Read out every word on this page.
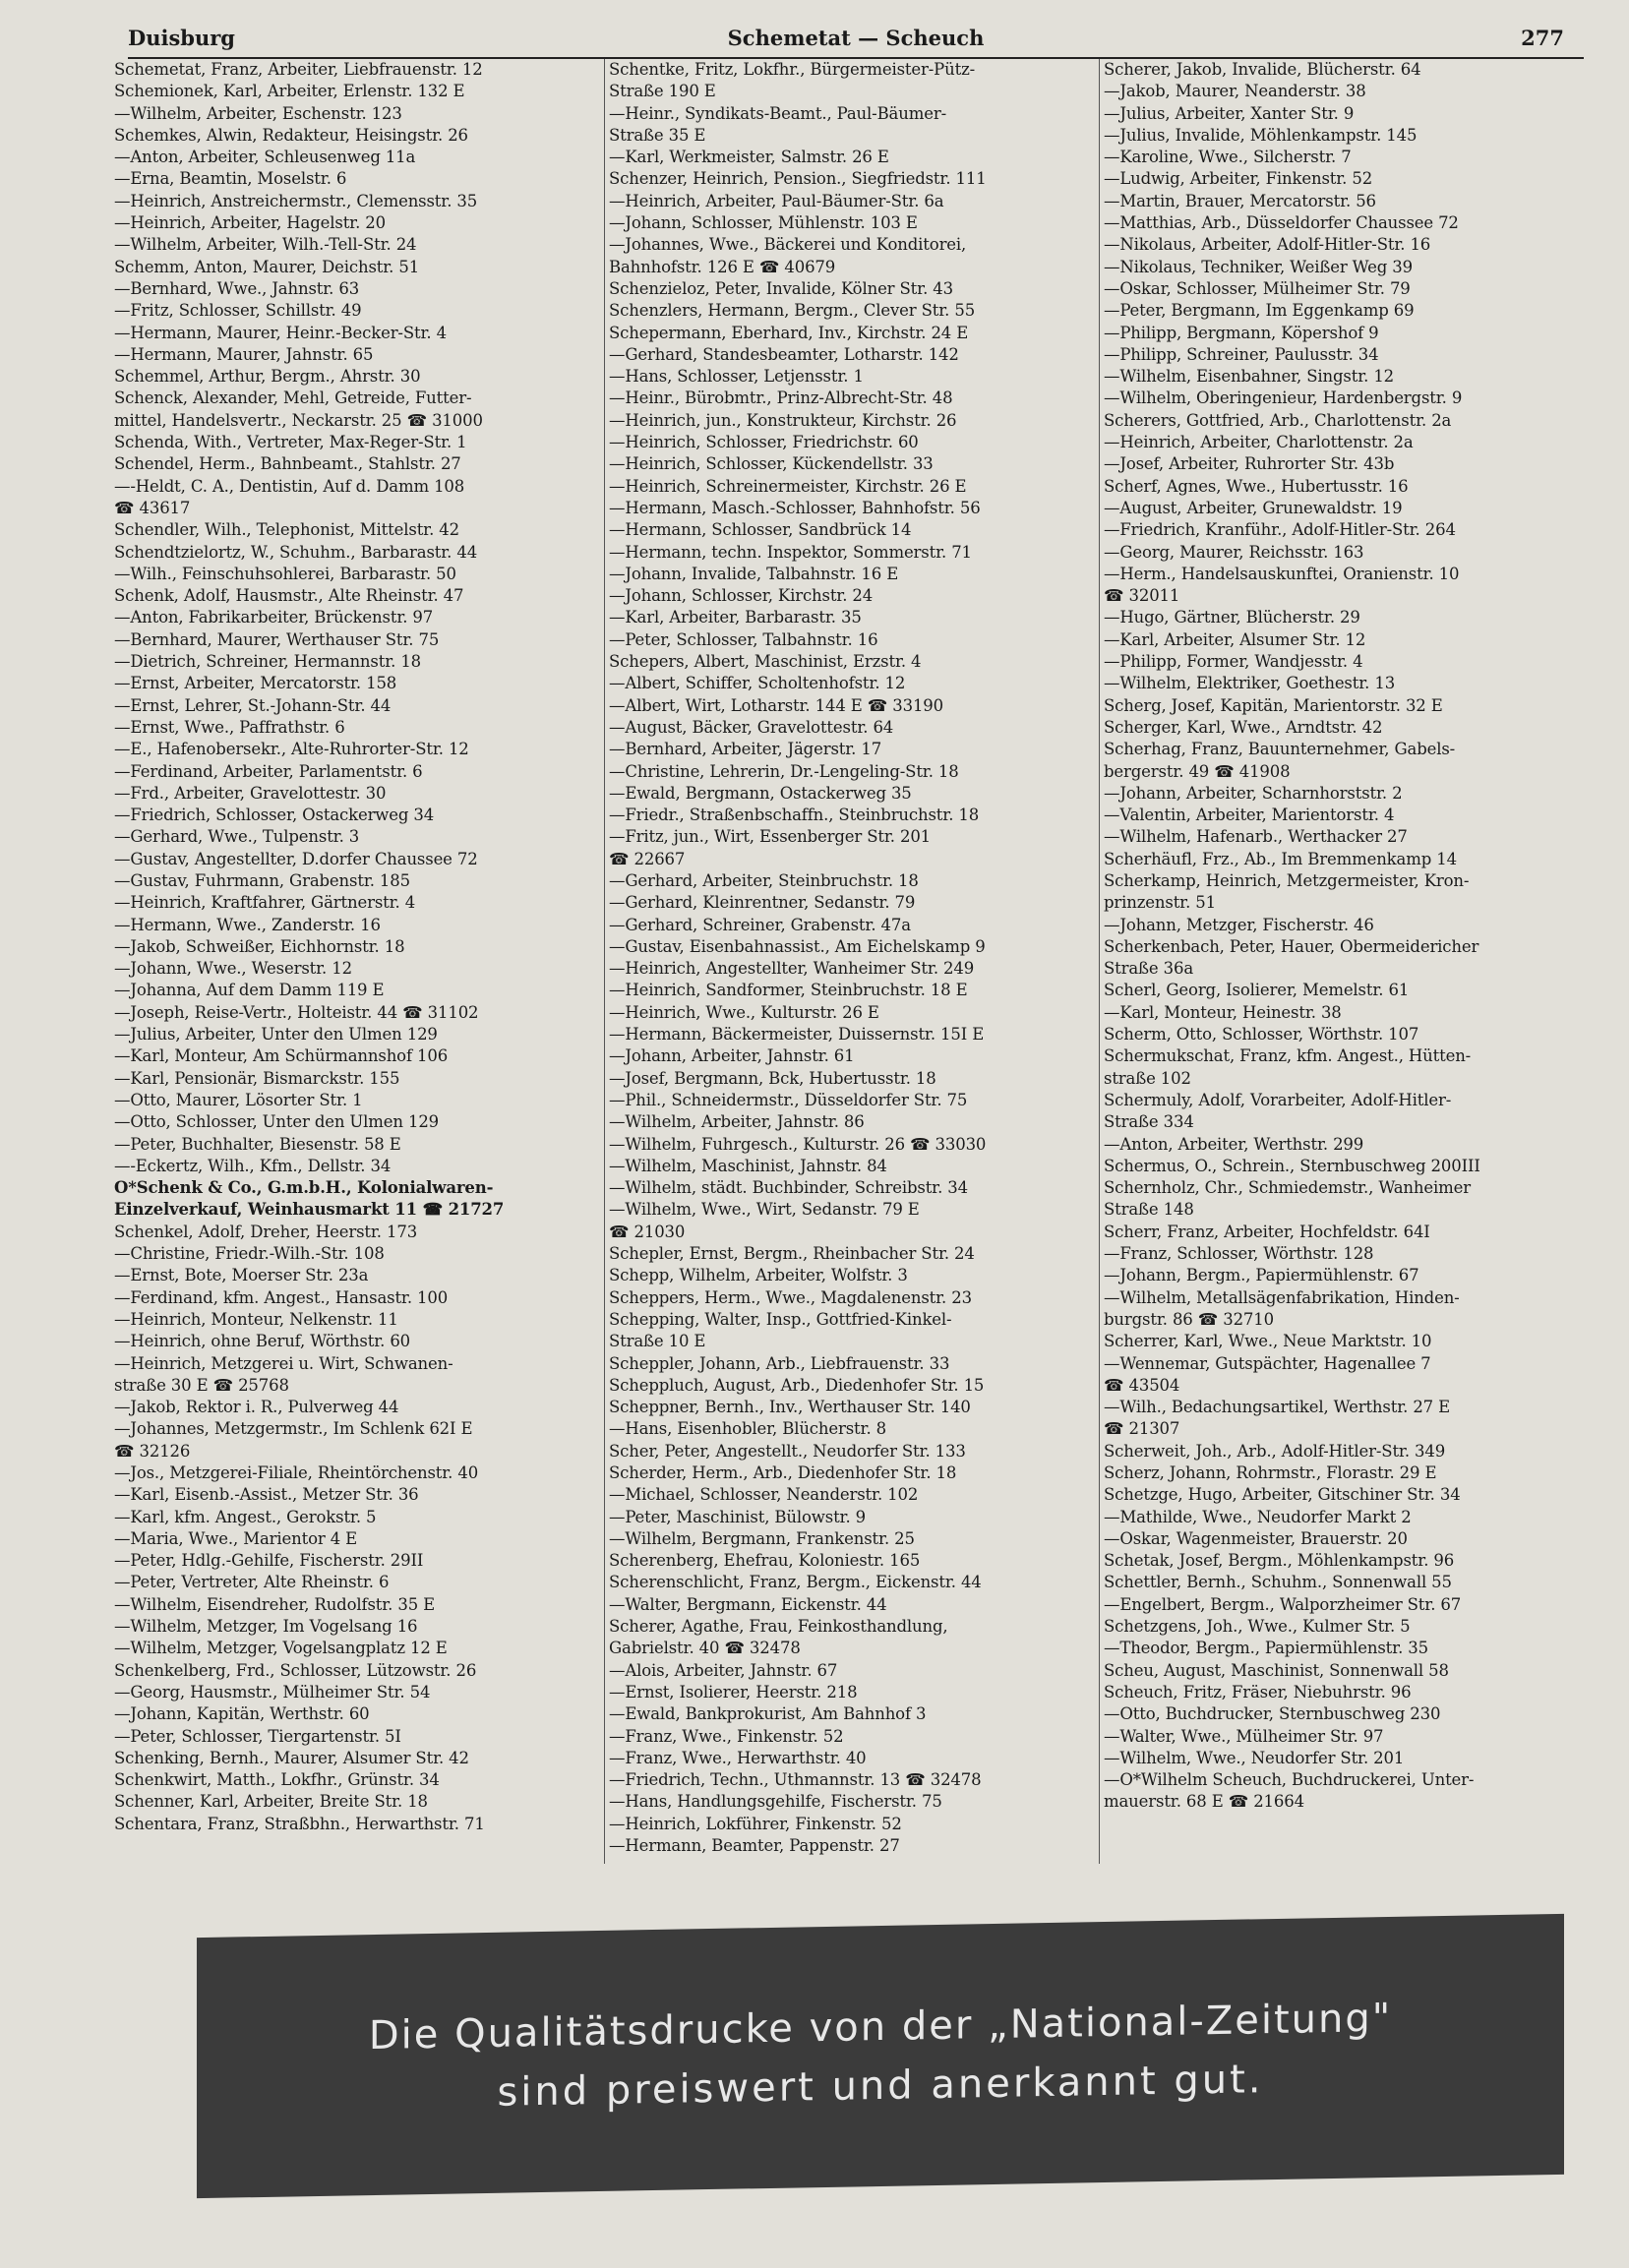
Duisburg	Schemetat — Scheuch	277
Schemetat, Franz, Arbeiter, Liebfrauenstr. 12
Schemionek, Karl, Arbeiter, Erlenstr. 132 E
—Wilhelm, Arbeiter, Eschenstr. 123
Schemkes, Alwin, Redakteur, Heisingstr. 26
—Anton, Arbeiter, Schleusenweg 11a
—Erna, Beamtin, Moselstr. 6
—Heinrich, Anstreichermstr., Clemensstr. 35
—Heinrich, Arbeiter, Hagelstr. 20
—Wilhelm, Arbeiter, Wilh.-Tell-Str. 24
Schemm, Anton, Maurer, Deichstr. 51
—Bernhard, Wwe., Jahnstr. 63
—Fritz, Schlosser, Schillstr. 49
—Hermann, Maurer, Heinr.-Becker-Str. 4
—Hermann, Maurer, Jahnstr. 65
Schemmel, Arthur, Bergm., Ahrstr. 30
Schenck, Alexander, Mehl, Getreide, Futter-
mittel, Handelsvertr., Neckarstr. 25 ☎ 31000
Schenda, With., Vertreter, Max-Reger-Str. 1
Schendel, Herm., Bahnbeamt., Stahlstr. 27
—-Heldt, C. A., Dentistin, Auf d. Damm 108
☎ 43617
Schendler, Wilh., Telephonist, Mittelstr. 42
Schendtzielortz, W., Schuhm., Barbarastr. 44
—Wilh., Feinschuhsohlerei, Barbarastr. 50
Schenk, Adolf, Hausmstr., Alte Rheinstr. 47
—Anton, Fabrikarbeiter, Brückenstr. 97
—Bernhard, Maurer, Werthauser Str. 75
—Dietrich, Schreiner, Hermannstr. 18
—Ernst, Arbeiter, Mercatorstr. 158
—Ernst, Lehrer, St.-Johann-Str. 44
—Ernst, Wwe., Paffrathstr. 6
—E., Hafenobersekr., Alte-Ruhrorter-Str. 12
—Ferdinand, Arbeiter, Parlamentstr. 6
—Frd., Arbeiter, Gravelottestr. 30
—Friedrich, Schlosser, Ostackerweg 34
—Gerhard, Wwe., Tulpenstr. 3
—Gustav, Angestellter, D.dorfer Chaussee 72
—Gustav, Fuhrmann, Grabenstr. 185
—Heinrich, Kraftfahrer, Gärtnerstr. 4
—Hermann, Wwe., Zanderstr. 16
—Jakob, Schweißer, Eichhornstr. 18
—Johann, Wwe., Weserstr. 12
—Johanna, Auf dem Damm 119 E
—Joseph, Reise-Vertr., Holteistr. 44 ☎ 31102
—Julius, Arbeiter, Unter den Ulmen 129
—Karl, Monteur, Am Schürmannshof 106
—Karl, Pensionär, Bismarckstr. 155
—Otto, Maurer, Lösorter Str. 1
—Otto, Schlosser, Unter den Ulmen 129
—Peter, Buchhalter, Biesenstr. 58 E
—-Eckertz, Wilh., Kfm., Dellstr. 34
O*Schenk & Co., G.m.b.H., Kolonialwaren-
Einzelverkauf, Weinhausmarkt 11 ☎ 21727
Schenkel, Adolf, Dreher, Heerstr. 173
—Christine, Friedr.-Wilh.-Str. 108
—Ernst, Bote, Moerser Str. 23a
—Ferdinand, kfm. Angest., Hansastr. 100
—Heinrich, Monteur, Nelkenstr. 11
—Heinrich, ohne Beruf, Wörthstr. 60
—Heinrich, Metzgerei u. Wirt, Schwanen-
straße 30 E ☎ 25768
—Jakob, Rektor i. R., Pulverweg 44
—Johannes, Metzgermstr., Im Schlenk 62I E
☎ 32126
—Jos., Metzgerei-Filiale, Rheintörchenstr. 40
—Karl, Eisenb.-Assist., Metzer Str. 36
—Karl, kfm. Angest., Gerokstr. 5
—Maria, Wwe., Marientor 4 E
—Peter, Hdlg.-Gehilfe, Fischerstr. 29II
—Peter, Vertreter, Alte Rheinstr. 6
—Wilhelm, Eisendreher, Rudolfstr. 35 E
—Wilhelm, Metzger, Im Vogelsang 16
—Wilhelm, Metzger, Vogelsangplatz 12 E
Schenkelberg, Frd., Schlosser, Lützowstr. 26
—Georg, Hausmstr., Mülheimer Str. 54
—Johann, Kapitän, Werthstr. 60
—Peter, Schlosser, Tiergartenstr. 5I
Schenking, Bernh., Maurer, Alsumer Str. 42
Schenkwirt, Matth., Lokfhr., Grünstr. 34
Schenner, Karl, Arbeiter, Breite Str. 18
Schentara, Franz, Straßbhn., Herwarthstr. 71
Schentke, Fritz, Lokfhr., Bürgermeister-Pütz-
Straße 190 E
—Heinr., Syndikats-Beamt., Paul-Bäumer-
Straße 35 E
—Karl, Werkmeister, Salmstr. 26 E
Schenzer, Heinrich, Pension., Siegfriedstr. 111
—Heinrich, Arbeiter, Paul-Bäumer-Str. 6a
—Johann, Schlosser, Mühlenstr. 103 E
—Johannes, Wwe., Bäckerei und Konditorei,
Bahnhofstr. 126 E ☎ 40679
Schenzieloz, Peter, Invalide, Kölner Str. 43
Schenzlers, Hermann, Bergm., Clever Str. 55
Schepermann, Eberhard, Inv., Kirchstr. 24 E
—Gerhard, Standesbeamter, Lotharstr. 142
—Hans, Schlosser, Letjensstr. 1
—Heinr., Bürobmtr., Prinz-Albrecht-Str. 48
—Heinrich, jun., Konstrukteur, Kirchstr. 26
—Heinrich, Schlosser, Friedrichstr. 60
—Heinrich, Schlosser, Kückendellstr. 33
—Heinrich, Schreinermeister, Kirchstr. 26 E
—Hermann, Masch.-Schlosser, Bahnhofstr. 56
—Hermann, Schlosser, Sandbrück 14
—Hermann, techn. Inspektor, Sommerstr. 71
—Johann, Invalide, Talbahnstr. 16 E
—Johann, Schlosser, Kirchstr. 24
—Karl, Arbeiter, Barbarastr. 35
—Peter, Schlosser, Talbahnstr. 16
Schepers, Albert, Maschinist, Erzstr. 4
—Albert, Schiffer, Scholtenhofstr. 12
—Albert, Wirt, Lotharstr. 144 E ☎ 33190
—August, Bäcker, Gravelottestr. 64
—Bernhard, Arbeiter, Jägerstr. 17
—Christine, Lehrerin, Dr.-Lengeling-Str. 18
—Ewald, Bergmann, Ostackerweg 35
—Friedr., Straßenbschaffn., Steinbruchstr. 18
—Fritz, jun., Wirt, Essenberger Str. 201
☎ 22667
—Gerhard, Arbeiter, Steinbruchstr. 18
—Gerhard, Kleinrentner, Sedanstr. 79
—Gerhard, Schreiner, Grabenstr. 47a
—Gustav, Eisenbahnassist., Am Eichelskamp 9
—Heinrich, Angestellter, Wanheimer Str. 249
—Heinrich, Sandformer, Steinbruchstr. 18 E
—Heinrich, Wwe., Kulturstr. 26 E
—Hermann, Bäckermeister, Duissernstr. 15I E
—Johann, Arbeiter, Jahnstr. 61
—Josef, Bergmann, Bck, Hubertusstr. 18
—Phil., Schneidermstr., Düsseldorfer Str. 75
—Wilhelm, Arbeiter, Jahnstr. 86
—Wilhelm, Fuhrgesch., Kulturstr. 26 ☎ 33030
—Wilhelm, Maschinist, Jahnstr. 84
—Wilhelm, städt. Buchbinder, Schreibstr. 34
—Wilhelm, Wwe., Wirt, Sedanstr. 79 E
☎ 21030
Schepler, Ernst, Bergm., Rheinbacher Str. 24
Schepp, Wilhelm, Arbeiter, Wolfstr. 3
Scheppers, Herm., Wwe., Magdalenenstr. 23
Schepping, Walter, Insp., Gottfried-Kinkel-
Straße 10 E
Scheppler, Johann, Arb., Liebfrauenstr. 33
Scheppluch, August, Arb., Diedenhofer Str. 15
Scheppner, Bernh., Inv., Werthauser Str. 140
—Hans, Eisenhobler, Blücherstr. 8
Scher, Peter, Angestellt., Neudorfer Str. 133
Scherder, Herm., Arb., Diedenhofer Str. 18
—Michael, Schlosser, Neanderstr. 102
—Peter, Maschinist, Bülowstr. 9
—Wilhelm, Bergmann, Frankenstr. 25
Scherenberg, Ehefrau, Koloniestr. 165
Scherenschlicht, Franz, Bergm., Eickenstr. 44
—Walter, Bergmann, Eickenstr. 44
Scherer, Agathe, Frau, Feinkosthandlung,
Gabrielstr. 40 ☎ 32478
—Alois, Arbeiter, Jahnstr. 67
—Ernst, Isolierer, Heerstr. 218
—Ewald, Bankprokurist, Am Bahnhof 3
—Franz, Wwe., Finkenstr. 52
—Franz, Wwe., Herwarthstr. 40
—Friedrich, Techn., Uthmannstr. 13 ☎ 32478
—Hans, Handlungsgehilfe, Fischerstr. 75
—Heinrich, Lokführer, Finkenstr. 52
—Hermann, Beamter, Pappenstr. 27
Scherer, Jakob, Invalide, Blücherstr. 64
—Jakob, Maurer, Neanderstr. 38
—Julius, Arbeiter, Xanter Str. 9
—Julius, Invalide, Möhlenkampstr. 145
—Karoline, Wwe., Silcherstr. 7
—Ludwig, Arbeiter, Finkenstr. 52
—Martin, Brauer, Mercatorstr. 56
—Matthias, Arb., Düsseldorfer Chaussee 72
—Nikolaus, Arbeiter, Adolf-Hitler-Str. 16
—Nikolaus, Techniker, Weißer Weg 39
—Oskar, Schlosser, Mülheimer Str. 79
—Peter, Bergmann, Im Eggenkamp 69
—Philipp, Bergmann, Köpershof 9
—Philipp, Schreiner, Paulusstr. 34
—Wilhelm, Eisenbahner, Singstr. 12
—Wilhelm, Oberingenieur, Hardenbergstr. 9
Scherers, Gottfried, Arb., Charlottenstr. 2a
—Heinrich, Arbeiter, Charlottenstr. 2a
—Josef, Arbeiter, Ruhrorter Str. 43b
Scherf, Agnes, Wwe., Hubertusstr. 16
—August, Arbeiter, Grunewaldstr. 19
—Friedrich, Kranführ., Adolf-Hitler-Str. 264
—Georg, Maurer, Reichsstr. 163
—Herm., Handelsauskunftei, Oranienstr. 10
☎ 32011
—Hugo, Gärtner, Blücherstr. 29
—Karl, Arbeiter, Alsumer Str. 12
—Philipp, Former, Wandjesstr. 4
—Wilhelm, Elektriker, Goethestr. 13
Scherg, Josef, Kapitän, Marientorstr. 32 E
Scherger, Karl, Wwe., Arndtstr. 42
Scherhag, Franz, Bauunternehmer, Gabels-
bergerstr. 49 ☎ 41908
—Johann, Arbeiter, Scharnhorststr. 2
—Valentin, Arbeiter, Marientorstr. 4
—Wilhelm, Hafenarb., Werthacker 27
Scherhäufl, Frz., Ab., Im Bremmenkamp 14
Scherkamp, Heinrich, Metzgermeister, Kron-
prinzenstr. 51
—Johann, Metzger, Fischerstr. 46
Scherkenbach, Peter, Hauer, Obermeidericher
Straße 36a
Scherl, Georg, Isolierer, Memelstr. 61
—Karl, Monteur, Heinestr. 38
Scherm, Otto, Schlosser, Wörthstr. 107
Schermukschat, Franz, kfm. Angest., Hütten-
straße 102
Schermuly, Adolf, Vorarbeiter, Adolf-Hitler-
Straße 334
—Anton, Arbeiter, Werthstr. 299
Schermus, O., Schrein., Sternbuschweg 200III
Schernholz, Chr., Schmiedemstr., Wanheimer
Straße 148
Scherr, Franz, Arbeiter, Hochfeldstr. 64I
—Franz, Schlosser, Wörthstr. 128
—Johann, Bergm., Papiermühlenstr. 67
—Wilhelm, Metallsägenfabrikation, Hinden-
burgstr. 86 ☎ 32710
Scherrer, Karl, Wwe., Neue Marktstr. 10
—Wennemar, Gutspächter, Hagenallee 7
☎ 43504
—Wilh., Bedachungsartikel, Werthstr. 27 E
☎ 21307
Scherweit, Joh., Arb., Adolf-Hitler-Str. 349
Scherz, Johann, Rohrmstr., Florastr. 29 E
Schetzge, Hugo, Arbeiter, Gitschiner Str. 34
—Mathilde, Wwe., Neudorfer Markt 2
—Oskar, Wagenmeister, Brauerstr. 20
Schetak, Josef, Bergm., Möhlenkampstr. 96
Schettler, Bernh., Schuhm., Sonnenwall 55
—Engelbert, Bergm., Walporzheimer Str. 67
Schetzgens, Joh., Wwe., Kulmer Str. 5
—Theodor, Bergm., Papiermühlenstr. 35
Scheu, August, Maschinist, Sonnenwall 58
Scheuch, Fritz, Fräser, Niebuhrstr. 96
—Otto, Buchdrucker, Sternbuschweg 230
—Walter, Wwe., Mülheimer Str. 97
—Wilhelm, Wwe., Neudorfer Str. 201
—O*Wilhelm Scheuch, Buchdruckerei, Unter-
mauerstr. 68 E ☎ 21664
Die Qualitätsdrucke von der „National-Zeitung"
sind preiswert und anerkannt gut.
